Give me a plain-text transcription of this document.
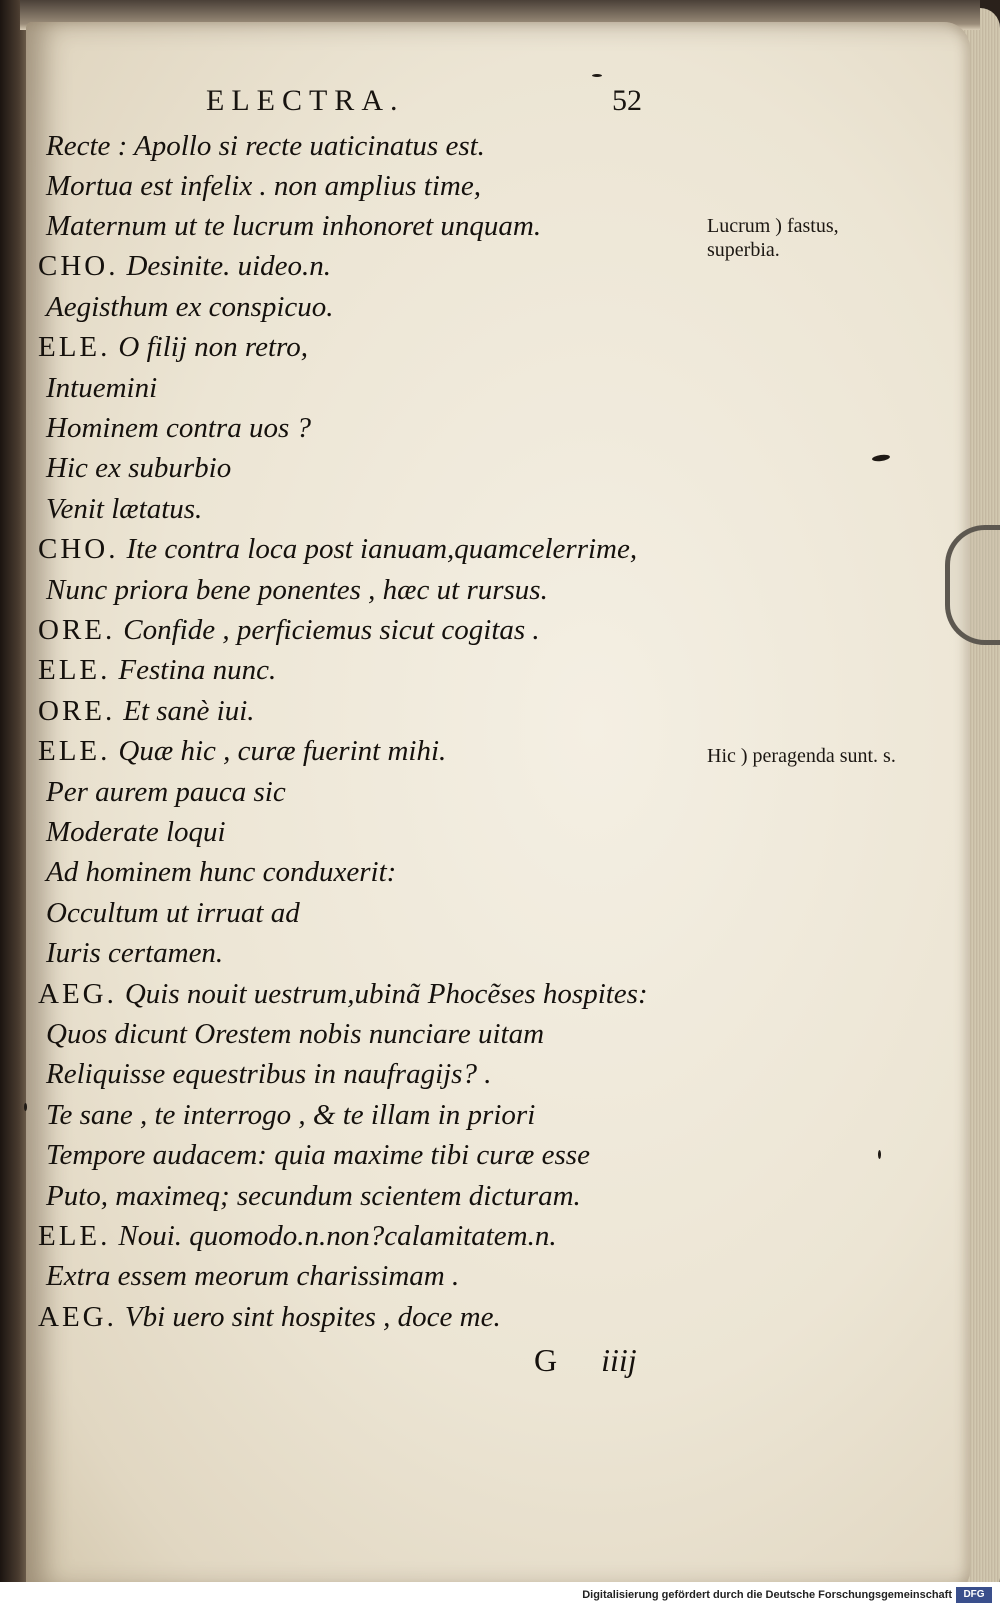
ELECTRA.	52
Recte : Apollo si recte uaticinatus est.
Mortua est infelix . non amplius time,
Maternum ut te lucrum inhonoret unquam.
CHO. Desinite. uideo.n.
Aegisthum ex conspicuo.
ELE. O filij non retro,
Intuemini
Hominem contra uos ?
Hic ex suburbio
Venit lætatus.
CHO. Ite contra loca post ianuam,quamcelerrime,
Nunc priora bene ponentes , hæc ut rursus.
ORE. Confide , perficiemus sicut cogitas .
ELE. Festina nunc.
ORE. Et sanè iui.
ELE. Quæ hic , curæ fuerint mihi.
Per aurem pauca sic
Moderate loqui
Ad hominem hunc conduxerit:
Occultum ut irruat ad
Iuris certamen.
AEG. Quis nouit uestrum,ubinã Phocẽses hospites:
Quos dicunt Orestem nobis nunciare uitam
Reliquisse equestribus in naufragijs? .
Te sane , te interrogo , & te illam in priori
Tempore audacem: quia maxime tibi curæ esse
Puto, maximeq; secundum scientem dicturam.
ELE. Noui. quomodo.n.non?calamitatem.n.
Extra essem meorum charissimam .
AEG. Vbi uero sint hospites , doce me.
Lucrum ) fastus, superbia.
Hic ) peragenda sunt. s.
G iiij
Digitalisierung gefördert durch die Deutsche Forschungsgemeinschaft	DFG
